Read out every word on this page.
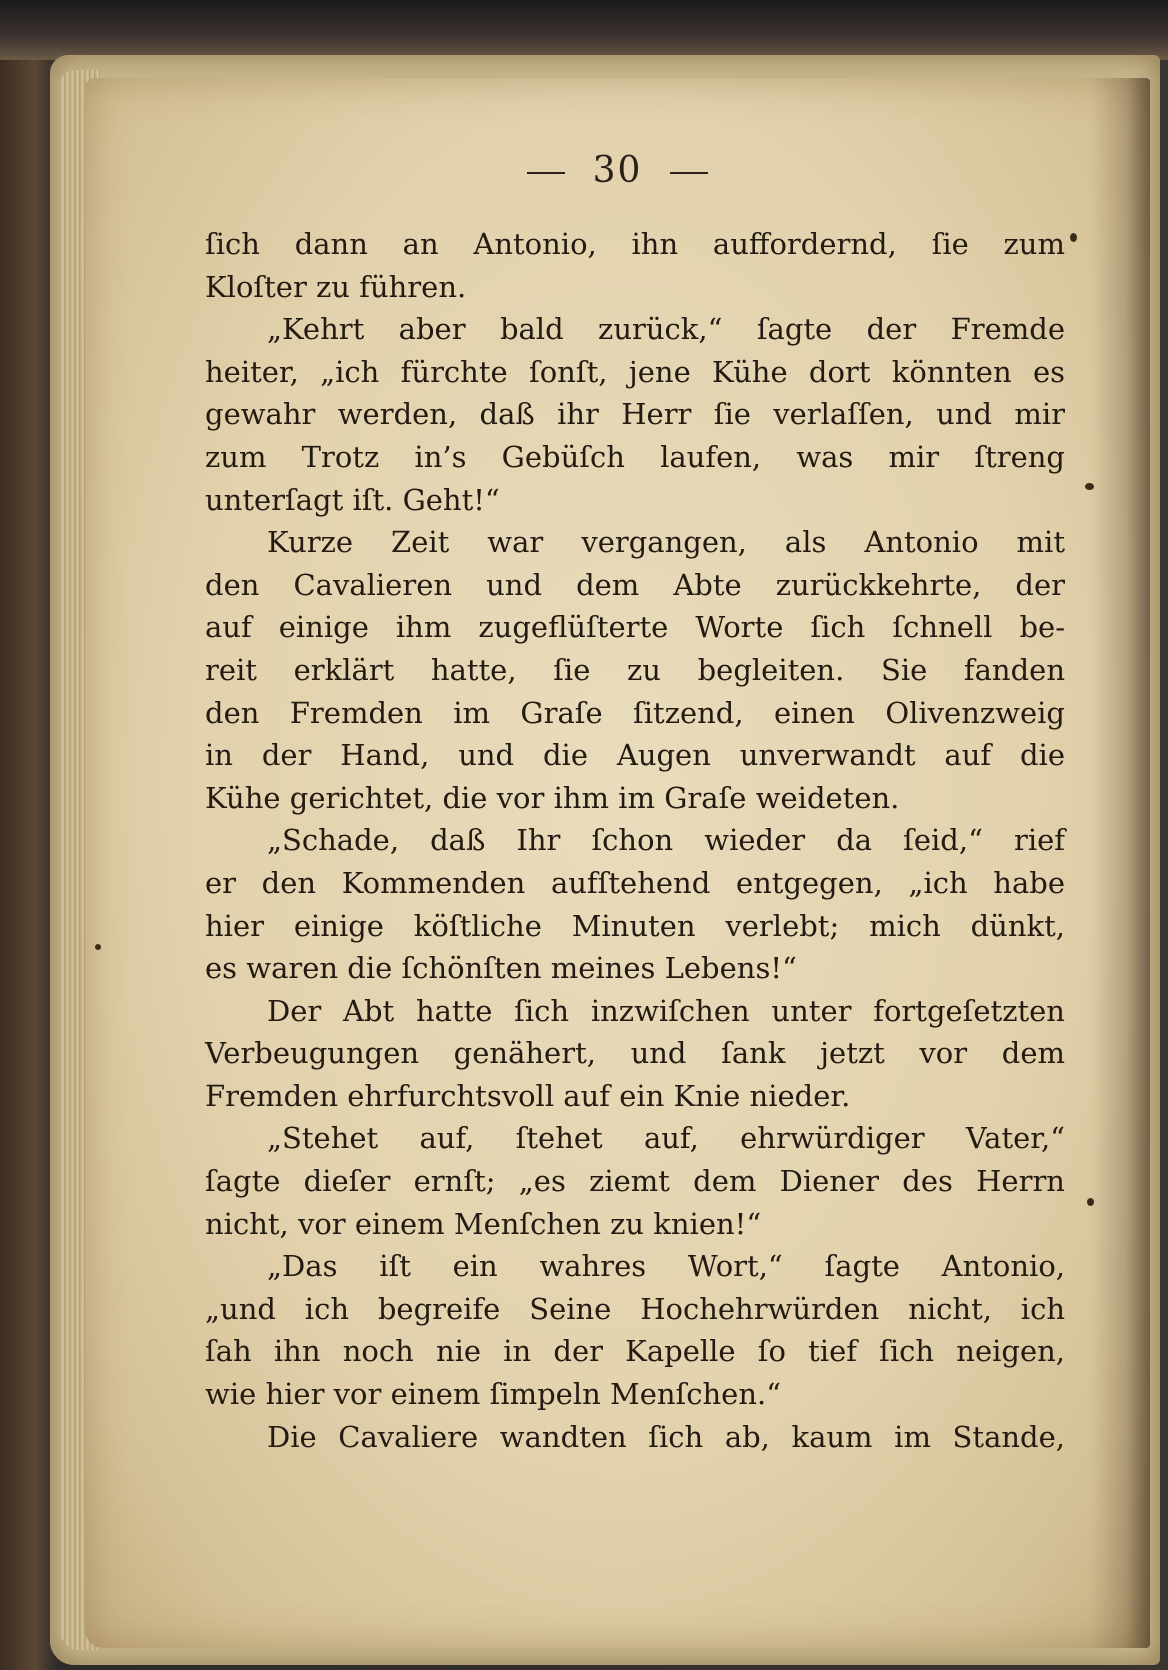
30
ſich dann an Antonio, ihn auffordernd, ſie zum
Kloſter zu führen.
„Kehrt aber bald zurück,“ ſagte der Fremde
heiter, „ich fürchte ſonſt, jene Kühe dort könnten es
gewahr werden, daß ihr Herr ſie verlaſſen, und mir
zum Trotz in’s Gebüſch laufen, was mir ſtreng
unterſagt iſt. Geht!“
Kurze Zeit war vergangen, als Antonio mit
den Cavalieren und dem Abte zurückkehrte, der
auf einige ihm zugeflüſterte Worte ſich ſchnell be-
reit erklärt hatte, ſie zu begleiten. Sie fanden
den Fremden im Graſe ſitzend, einen Olivenzweig
in der Hand, und die Augen unverwandt auf die
Kühe gerichtet, die vor ihm im Graſe weideten.
„Schade, daß Ihr ſchon wieder da ſeid,“ rief
er den Kommenden aufſtehend entgegen, „ich habe
hier einige köſtliche Minuten verlebt; mich dünkt,
es waren die ſchönſten meines Lebens!“
Der Abt hatte ſich inzwiſchen unter fortgeſetzten
Verbeugungen genähert, und ſank jetzt vor dem
Fremden ehrfurchtsvoll auf ein Knie nieder.
„Stehet auf, ſtehet auf, ehrwürdiger Vater,“
ſagte dieſer ernſt; „es ziemt dem Diener des Herrn
nicht, vor einem Menſchen zu knien!“
„Das iſt ein wahres Wort,“ ſagte Antonio,
„und ich begreife Seine Hochehrwürden nicht, ich
ſah ihn noch nie in der Kapelle ſo tief ſich neigen,
wie hier vor einem ſimpeln Menſchen.“
Die Cavaliere wandten ſich ab, kaum im Stande,
